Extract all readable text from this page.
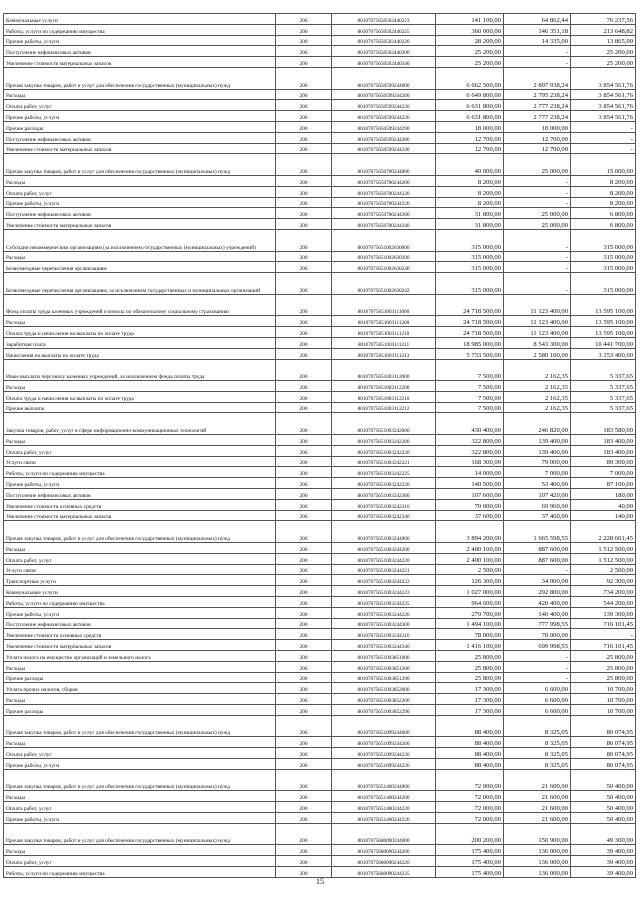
Коммунальные услуги	200	80107075650502440223	141 100,00	64 862,44	76 237,56
Работы, услуги по содержанию имущества	200	80107075650502440225	360 000,00	146 351,18	213 648,82
Прочие работы, услуги	200	80107075650502440226	28 200,00	14 335,00	13 865,00
Поступление нефинансовых активов	200	80107075650502440300	25 200,00	-	25 200,00
Увеличение стоимости материальных запасов	200	80107075650502440340	25 200,00	-	25 200,00
Прочая закупка товаров, работ и услуг для обеспечения государственных (муниципальных) нужд	200	80107075650599244000	6 662 500,00	2 807 938,24	3 854 561,76
Расходы	200	80107075650599244200	6 649 800,00	2 795 238,24	3 854 561,76
Оплата работ, услуг	200	80107075650599244220	6 631 800,00	2 777 238,24	3 854 561,76
Прочие работы, услуги	200	80107075650599244226	6 631 800,00	2 777 238,24	3 854 561,76
Прочие расходы	200	80107075650599244290	18 000,00	18 000,00	-
Поступление нефинансовых активов	200	80107075650599244300	12 700,00	12 700,00	-
Увеличение стоимости материальных запасов	200	80107075650599244340	12 700,00	12 700,00	-
Прочая закупка товаров, работ и услуг для обеспечения государственных (муниципальных) нужд	200	80107075650700244000	40 000,00	25 000,00	15 000,00
Расходы	200	80107075650700244200	8 200,00	-	8 200,00
Оплата работ, услуг	200	80107075650700244220	8 200,00	-	8 200,00
Прочие работы, услуги	200	80107075650700244226	8 200,00	-	8 200,00
Поступление нефинансовых активов	200	80107075650700244300	31 800,00	25 000,00	6 800,00
Увеличение стоимости материальных запасов	200	80107075650700244340	31 800,00	25 000,00	6 800,00
Субсидии некоммерческим организациям (за исключением государственных (муниципальных) учреждений)	200	80107075651002630000	315 000,00	-	315 000,00
Расходы	200	80107075651002630200	315 000,00	-	315 000,00
Безвозмездные перечисления организациям	200	80107075651002630240	315 000,00	-	315 000,00
Безвозмездные перечисления организациям, за исключением государственных и муниципальных организаций	200	80107075651002630242	315 000,00	-	315 000,00
Фонд оплаты труда казенных учреждений и взносы по обязательному социальному страхованию	200	80107075651003111000	24 718 500,00	11 123 400,00	13 595 100,00
Расходы	200	80107075651003111200	24 718 500,00	11 123 400,00	13 595 100,00
Оплата труда и начисления на выплаты по оплате труда	200	80107075651003111210	24 718 500,00	11 123 400,00	13 595 100,00
Заработная плата	200	80107075651003111211	18 985 000,00	8 543 300,00	10 441 700,00
Начисления на выплаты по оплате труда	200	80107075651003111213	5 733 500,00	2 580 100,00	3 153 400,00
Иные выплаты персоналу казенных учреждений, за исключением фонда оплаты труда	200	80107075651003112000	7 500,00	2 162,35	5 337,65
Расходы	200	80107075651003112200	7 500,00	2 162,35	5 337,65
Оплата труда и начисления на выплаты по оплате труда	200	80107075651003112210	7 500,00	2 162,35	5 337,65
Прочие выплаты	200	80107075651003112212	7 500,00	2 162,35	5 337,65
Закупка товаров, работ, услуг в сфере информационно-коммуникационных технологий	200	80107075651003242000	430 400,00	246 820,00	183 580,00
Расходы	200	80107075651003242200	322 800,00	139 400,00	183 400,00
Оплата работ, услуг	200	80107075651003242220	322 800,00	139 400,00	183 400,00
Услуги связи	200	80107075651003242221	168 300,00	79 000,00	89 300,00
Работы, услуги по содержанию имущества	200	80107075651003242225	14 000,00	7 000,00	7 000,00
Прочие работы, услуги	200	80107075651003242226	140 500,00	53 400,00	87 100,00
Поступление нефинансовых активов	200	80107075651003242300	107 600,00	107 420,00	180,00
Увеличение стоимости основных средств	200	80107075651003242310	70 000,00	69 960,00	40,00
Увеличение стоимости материальных запасов	200	80107075651003242340	37 600,00	37 460,00	140,00
Прочая закупка товаров, работ и услуг для обеспечения государственных (муниципальных) нужд	200	80107075651003244000	3 894 200,00	1 665 598,55	2 228 601,45
Расходы	200	80107075651003244200	2 400 100,00	887 600,00	1 512 500,00
Оплата работ, услуг	200	80107075651003244220	2 400 100,00	887 600,00	1 512 500,00
Услуги связи	200	80107075651003244221	2 500,00	-	2 500,00
Транспортные услуги	200	80107075651003244222	126 300,00	34 000,00	92 300,00
Коммунальные услуги	200	80107075651003244223	1 027 000,00	292 800,00	734 200,00
Работы, услуги по содержанию имущества	200	80107075651003244225	964 600,00	420 400,00	544 200,00
Прочие работы, услуги	200	80107075651003244226	279 700,00	140 400,00	139 300,00
Поступление нефинансовых активов	200	80107075651003244300	1 494 100,00	777 998,55	716 101,45
Увеличение стоимости основных средств	200	80107075651003244310	78 000,00	78 000,00	-
Увеличение стоимости материальных запасов	200	80107075651003244340	1 416 100,00	699 998,55	716 101,45
Уплата налога на имущество организаций и земельного налога	200	80107075651003851000	25 800,00	-	25 800,00
Расходы	200	80107075651003851200	25 800,00	-	25 800,00
Прочие расходы	200	80107075651003851290	25 800,00	-	25 800,00
Уплата прочих налогов, сборов	200	80107075651003852000	17 300,00	6 600,00	10 700,00
Расходы	200	80107075651003852200	17 300,00	6 600,00	10 700,00
Прочие расходы	200	80107075651003852290	17 300,00	6 600,00	10 700,00
Прочая закупка товаров, работ и услуг для обеспечения государственных (муниципальных) нужд	200	80107075651099244000	88 400,00	8 325,05	80 074,95
Расходы	200	80107075651099244200	88 400,00	8 325,05	80 074,95
Оплата работ, услуг	200	80107075651099244220	88 400,00	8 325,05	80 074,95
Прочие работы, услуги	200	80107075651099244226	88 400,00	8 325,05	80 074,95
Прочая закупка товаров, работ и услуг для обеспечения государственных (муниципальных) нужд	200	80107075651400244000	72 000,00	21 600,00	50 400,00
Расходы	200	80107075651400244200	72 000,00	21 600,00	50 400,00
Оплата работ, услуг	200	80107075651400244220	72 000,00	21 600,00	50 400,00
Прочие работы, услуги	200	80107075651400244226	72 000,00	21 600,00	50 400,00
Прочая закупка товаров, работ и услуг для обеспечения государственных (муниципальных) нужд	200	80107075680090244000	200 200,00	150 900,00	49 300,00
Расходы	200	80107075680090244200	175 400,00	136 000,00	39 400,00
Оплата работ, услуг	200	80107075680090244220	175 400,00	136 000,00	39 400,00
Работы, услуги по содержанию имущества	200	80107075680090244225	175 400,00	136 000,00	39 400,00
15
